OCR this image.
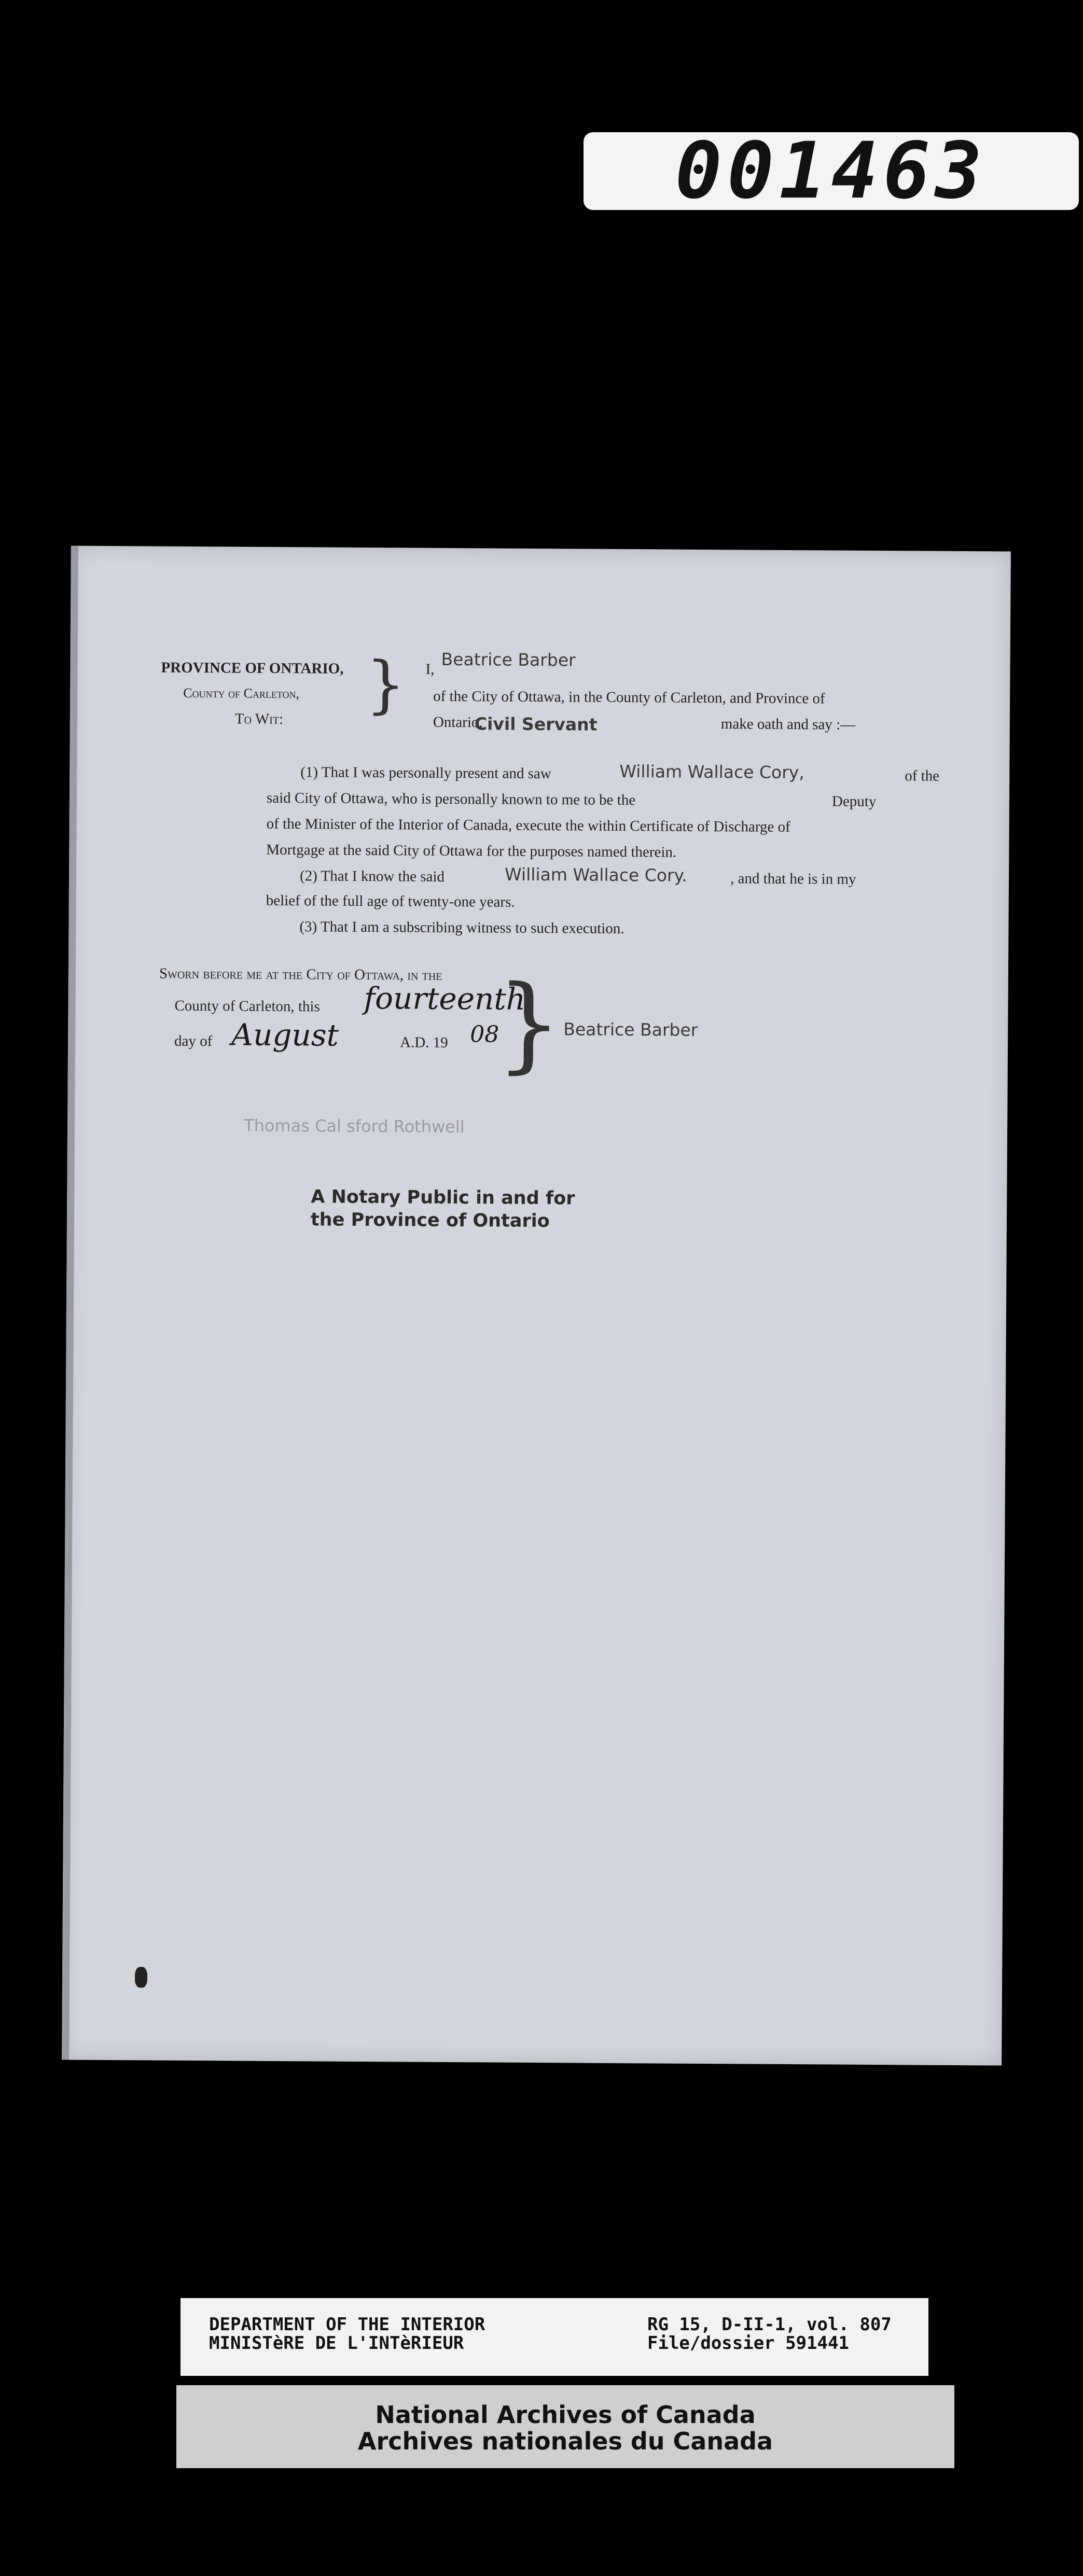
001463
PROVINCE OF ONTARIO,
County of Carleton,
To Wit: } I, Beatrice Barber
of the City of Ottawa, in the County of Carleton, and Province of
Ontario,
Civil Servant	make oath and say :—
(1) That I was personally present and saw	William Wallace Cory,	of the
said City of Ottawa, who is personally known to me to be the	Deputy
of the Minister of the Interior of Canada, execute the within Certificate of Discharge of
Mortgage at the said City of Ottawa for the purposes named therein.
(2) That I know the said	William Wallace Cory.	, and that he is in my
belief of the full age of twenty-one years.
(3) That I am a subscribing witness to such execution.
Sworn before me at the City of Ottawa, in the
County of Carleton, this fourteenth
day of August	A.D. 19 08
} Beatrice Barber
Thomas Cal sford Rothwell
A Notary Public in and for
the Province of Ontario
DEPARTMENT OF THE INTERIOR
MINISTèRE DE L'INTèRIEUR
RG 15, D-II-1, vol. 807
File/dossier 591441
National Archives of Canada
Archives nationales du Canada
